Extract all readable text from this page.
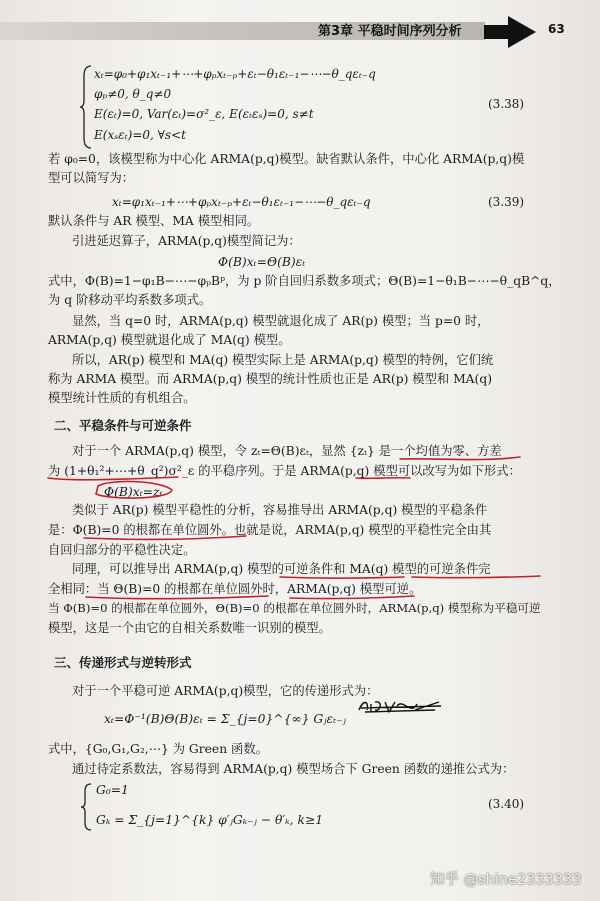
第3章 平稳时间序列分析	63
xₜ=φ₀+φ₁xₜ₋₁+⋯+φₚxₜ₋ₚ+εₜ−θ₁εₜ₋₁−⋯−θ_qεₜ₋q
φₚ≠0, θ_q≠0
(3.38)
E(εₜ)=0, Var(εₜ)=σ²_ε, E(εₜεₛ)=0, s≠t
E(xₛεₜ)=0, ∀s<t
若 φ₀=0，该模型称为中心化 ARMA(p,q)模型。缺省默认条件，中心化 ARMA(p,q)模
型可以简写为：
xₜ=φ₁xₜ₋₁+⋯+φₚxₜ₋ₚ+εₜ−θ₁εₜ₋₁−⋯−θ_qεₜ₋q	(3.39)
默认条件与 AR 模型、MA 模型相同。
引进延迟算子，ARMA(p,q)模型简记为：
Φ(B)xₜ=Θ(B)εₜ
式中，Φ(B)=1−φ₁B−⋯−φₚBᵖ，为 p 阶自回归系数多项式；Θ(B)=1−θ₁B−⋯−θ_qB^q，
为 q 阶移动平均系数多项式。
显然，当 q=0 时，ARMA(p,q) 模型就退化成了 AR(p) 模型；当 p=0 时，
ARMA(p,q) 模型就退化成了 MA(q) 模型。
所以，AR(p) 模型和 MA(q) 模型实际上是 ARMA(p,q) 模型的特例，它们统
称为 ARMA 模型。而 ARMA(p,q) 模型的统计性质也正是 AR(p) 模型和 MA(q)
模型统计性质的有机组合。
二、平稳条件与可逆条件
对于一个 ARMA(p,q) 模型，令 zₜ=Θ(B)εₜ，显然 {zₜ} 是一个均值为零、方差
为 (1+θ₁²+⋯+θ_q²)σ²_ε 的平稳序列。于是 ARMA(p,q) 模型可以改写为如下形式：
Φ(B)xₜ=zₜ
类似于 AR(p) 模型平稳性的分析，容易推导出 ARMA(p,q) 模型的平稳条件
是：Φ(B)=0 的根都在单位圆外。也就是说，ARMA(p,q) 模型的平稳性完全由其
自回归部分的平稳性决定。
同理，可以推导出 ARMA(p,q) 模型的可逆条件和 MA(q) 模型的可逆条件完
全相同：当 Θ(B)=0 的根都在单位圆外时，ARMA(p,q) 模型可逆。
当 Φ(B)=0 的根都在单位圆外，Θ(B)=0 的根都在单位圆外时，ARMA(p,q) 模型称为平稳可逆
模型，这是一个由它的自相关系数唯一识别的模型。
三、传递形式与逆转形式
对于一个平稳可逆 ARMA(p,q)模型，它的传递形式为：
xₜ=Φ⁻¹(B)Θ(B)εₜ = Σ_{j=0}^{∞} Gⱼεₜ₋ⱼ
式中，{G₀,G₁,G₂,⋯} 为 Green 函数。
通过待定系数法，容易得到 ARMA(p,q) 模型场合下 Green 函数的递推公式为：
G₀=1
(3.40)
Gₖ = Σ_{j=1}^{k} φ′ⱼGₖ₋ⱼ − θ′ₖ, k≥1
知乎 @shine2333333
